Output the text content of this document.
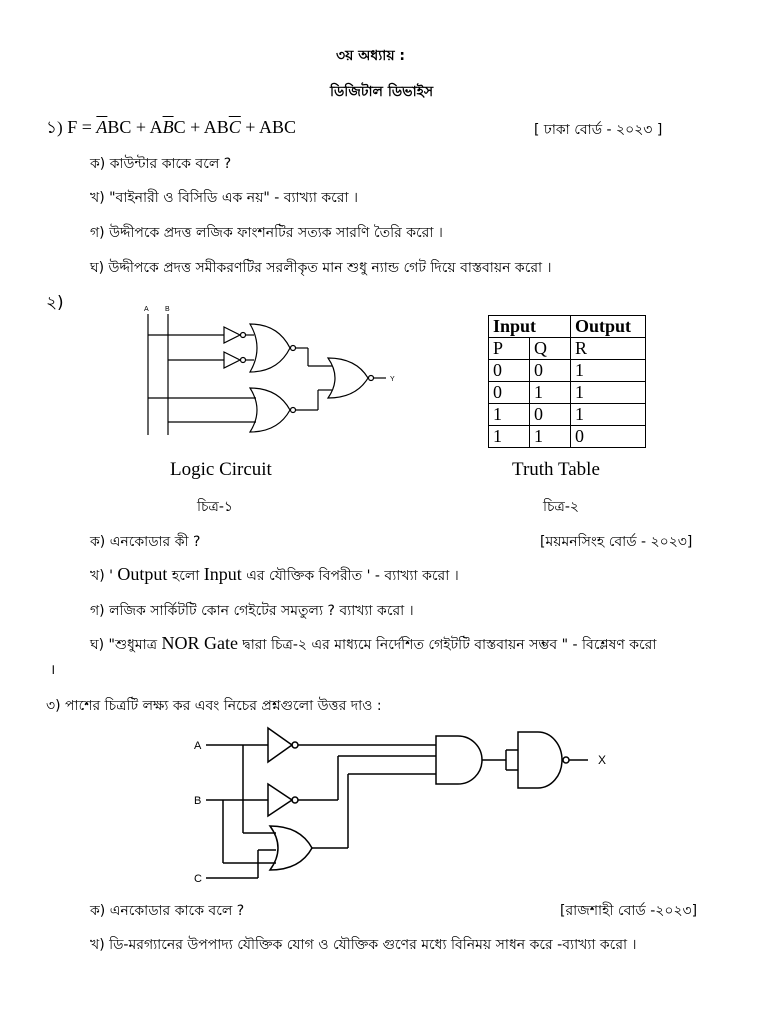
৩য় অধ্যায় :
ডিজিটাল ডিভাইস
১) $F = \overline{A}BC + A\overline{B}C + AB\overline{C}$ + ABC	[ ঢাকা বোর্ড - ২০২৩ ]
ক) কাউন্টার কাকে বলে ?
খ) "বাইনারী ও বিসিডি এক নয়" - ব্যাখ্যা করো ।
গ) উদ্দীপকে প্রদত্ত লজিক ফাংশনটির সত্যক সারণি তৈরি করো ।
ঘ) উদ্দীপকে প্রদত্ত সমীকরণটির সরলীকৃত মান শুধু ন্যান্ড গেট দিয়ে বাস্তবায়ন করো ।
২)	A B
Y
Input		Output
P	Q	R
0	0	1
0	1	1
1	0	1
1	1	0
Logic Circuit	Truth Table
চিত্র-১	চিত্র-২
ক) এনকোডার কী ?	[ময়মনসিংহ বোর্ড - ২০২৩]
খ) ' Output হলো Input এর যৌক্তিক বিপরীত ' - ব্যাখ্যা করো ।
গ) লজিক সার্কিটটি কোন গেইটের সমতুল্য ? ব্যাখ্যা করো ।
ঘ) "শুধুমাত্র NOR Gate দ্বারা চিত্র-২ এর মাধ্যমে নির্দেশিত গেইটটি বাস্তবায়ন সম্ভব " - বিশ্লেষণ করো
।
৩) পাশের চিত্রটি লক্ষ্য কর এবং নিচের প্রশ্নগুলো উত্তর দাও :
A
B
C
X
ক) এনকোডার কাকে বলে ?	[রাজশাহী বোর্ড -২০২৩]
খ) ডি-মরগ্যানের উপপাদ্য যৌক্তিক যোগ ও যৌক্তিক গুণের মধ্যে বিনিময় সাধন করে -ব্যাখ্যা করো ।
